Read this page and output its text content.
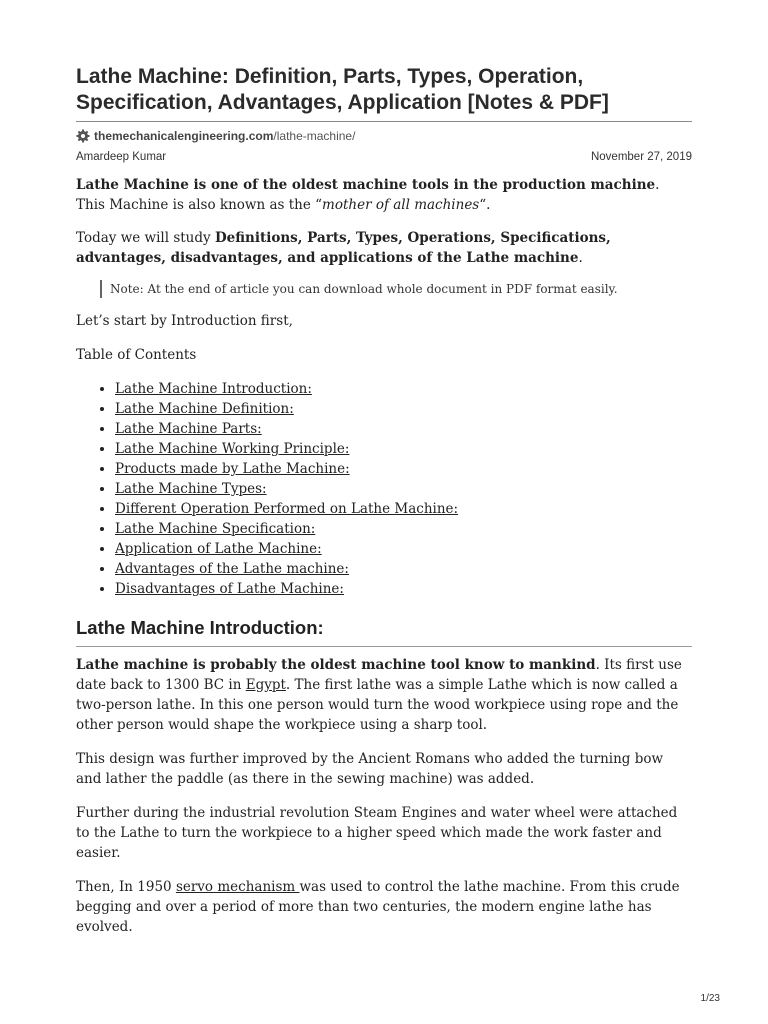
Lathe Machine: Definition, Parts, Types, Operation, Specification, Advantages, Application [Notes & PDF]
themechanicalengineering.com /lathe-machine/
Amardeep Kumar	November 27, 2019

Lathe Machine is one of the oldest machine tools in the production machine.
This Machine is also known as the “mother of all machines“.

Today we will study Definitions, Parts, Types, Operations, Specifications, advantages, disadvantages, and applications of the Lathe machine.

Note: At the end of article you can download whole document in PDF format easily.

Let’s start by Introduction first,

Table of Contents

• Lathe Machine Introduction:
• Lathe Machine Definition:
• Lathe Machine Parts:
• Lathe Machine Working Principle:
• Products made by Lathe Machine:
• Lathe Machine Types:
• Different Operation Performed on Lathe Machine:
• Lathe Machine Specification:
• Application of Lathe Machine:
• Advantages of the Lathe machine:
• Disadvantages of Lathe Machine:
Lathe Machine Introduction:

Lathe machine is probably the oldest machine tool know to mankind. Its first use date back to 1300 BC in Egypt. The first lathe was a simple Lathe which is now called a two-person lathe. In this one person would turn the wood workpiece using rope and the other person would shape the workpiece using a sharp tool.

This design was further improved by the Ancient Romans who added the turning bow and lather the paddle (as there in the sewing machine) was added.

Further during the industrial revolution Steam Engines and water wheel were attached to the Lathe to turn the workpiece to a higher speed which made the work faster and easier.

Then, In 1950 servo mechanism was used to control the lathe machine. From this crude begging and over a period of more than two centuries, the modern engine lathe has evolved.

1/23
